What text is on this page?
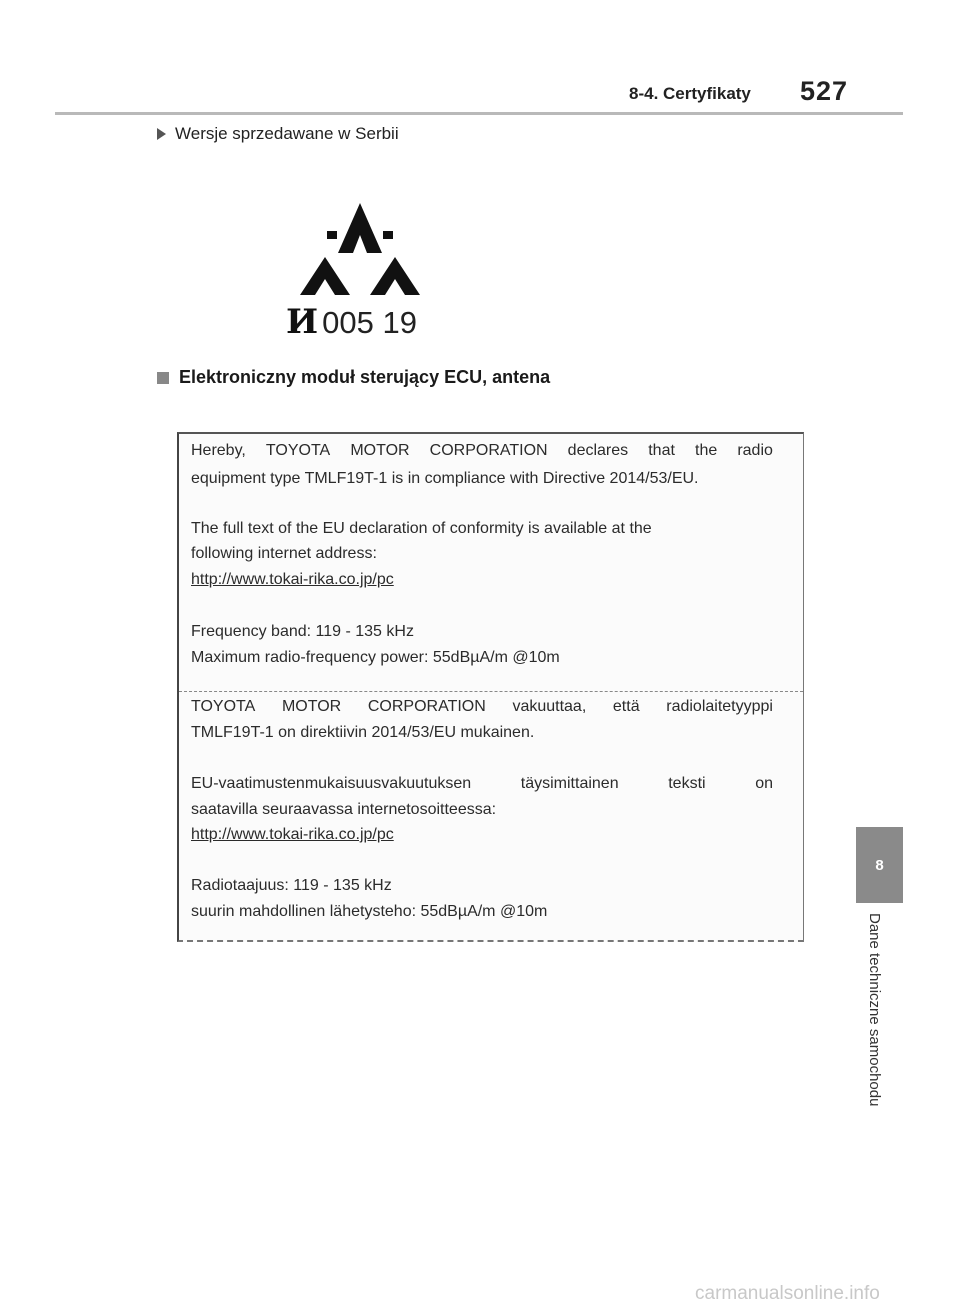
8-4. Certyfikaty 527
Wersje sprzedawane w Serbii
И 005 19
Elektroniczny moduł sterujący ECU, antena
Hereby, TOYOTA MOTOR CORPORATION declares that the radio
equipment type TMLF19T-1 is in compliance with Directive 2014/53/EU.
The full text of the EU declaration of conformity is available at the
following internet address:
http://www.tokai-rika.co.jp/pc
Frequency band: 119 - 135 kHz
Maximum radio-frequency power: 55dBµA/m @10m
TOYOTA MOTOR CORPORATION vakuuttaa, että radiolaitetyyppi
TMLF19T-1 on direktiivin 2014/53/EU mukainen.
EU-vaatimustenmukaisuusvakuutuksen	täysimittainen	teksti	on
saatavilla seuraavassa internetosoitteessa:
http://www.tokai-rika.co.jp/pc
Radiotaajuus: 119 - 135 kHz
suurin mahdollinen lähetysteho: 55dBµA/m @10m
8
Dane techniczne samochodu
carmanualsonline.info
